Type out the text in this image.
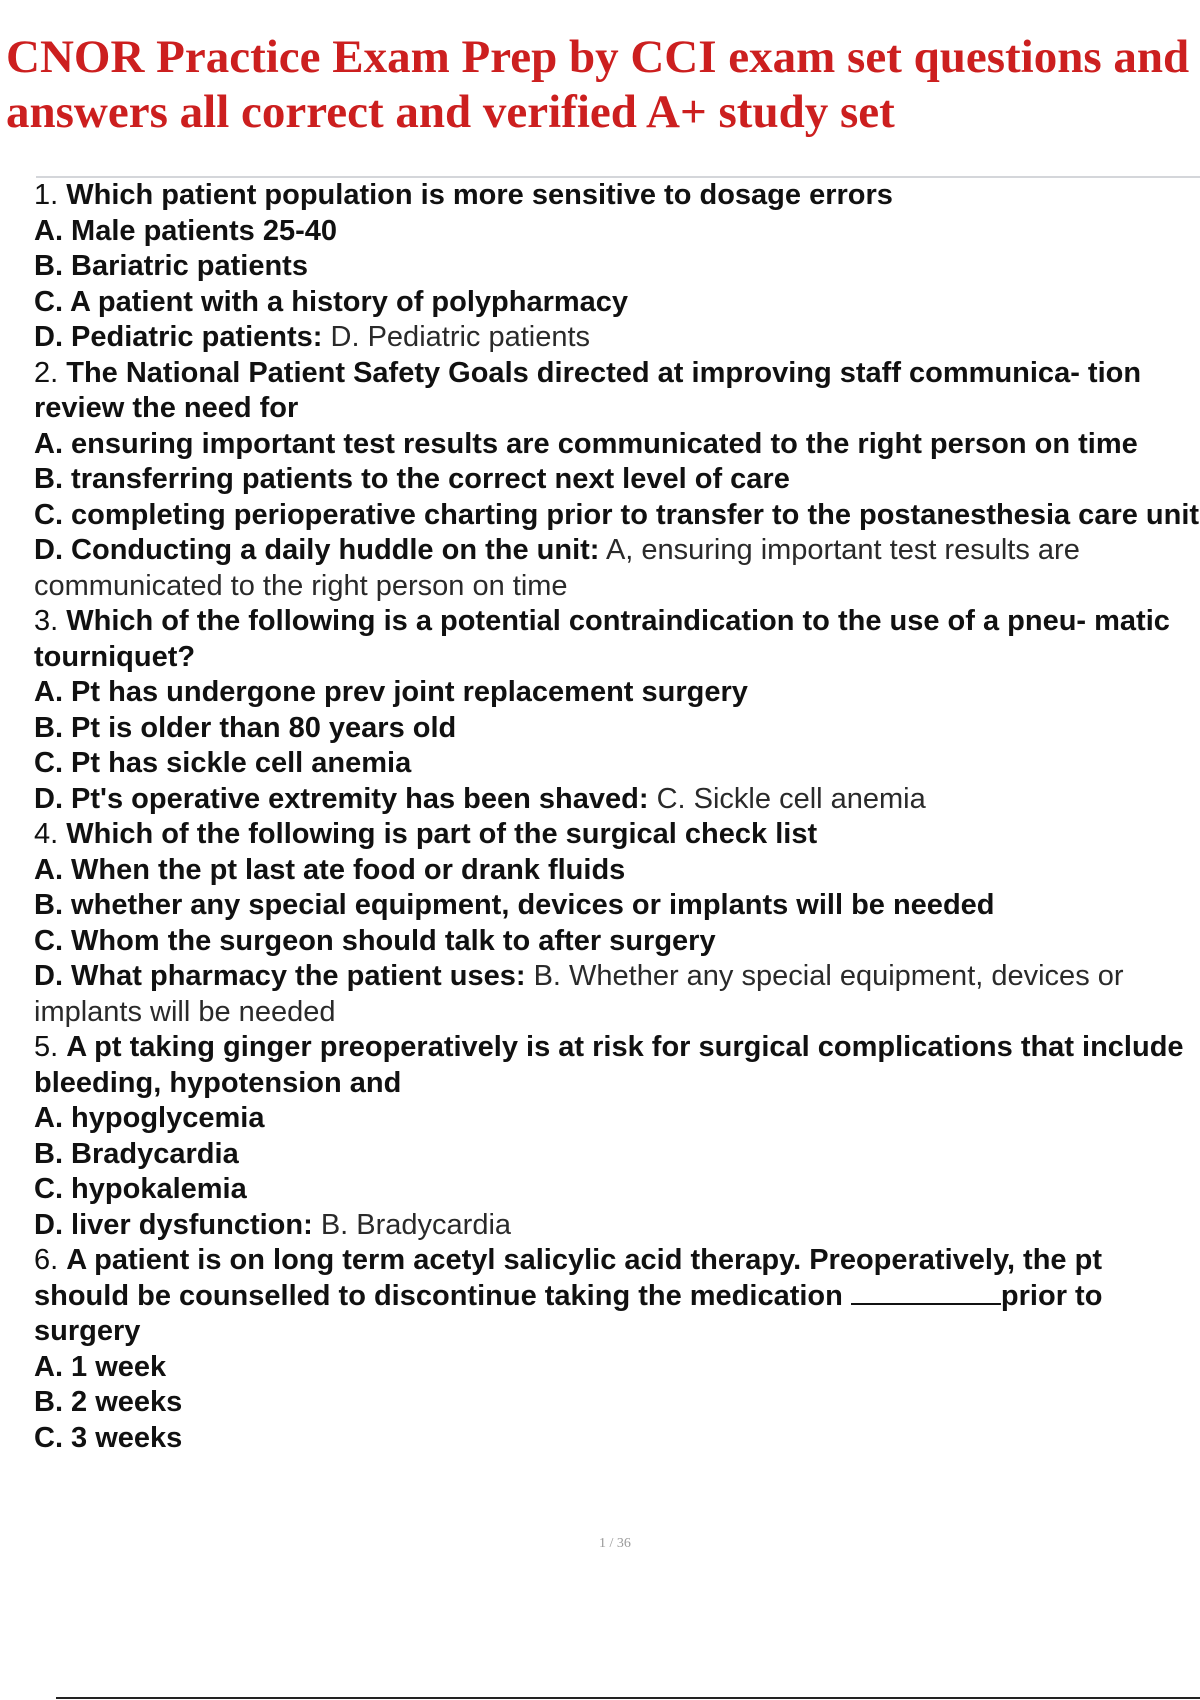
CNOR Practice Exam Prep by CCI exam set questions and
answers all correct and verified A+ study set
1. Which patient population is more sensitive to dosage errors
A. Male patients 25-40
B. Bariatric patients
C. A patient with a history of polypharmacy
D. Pediatric patients: D. Pediatric patients
2. The National Patient Safety Goals directed at improving staff communica- tion review the need for
A. ensuring important test results are communicated to the right person on time
B. transferring patients to the correct next level of care
C. completing perioperative charting prior to transfer to the postanesthesia care unit
D. Conducting a daily huddle on the unit: A, ensuring important test results are communicated to the right person on time
3. Which of the following is a potential contraindication to the use of a pneu- matic tourniquet?
A. Pt has undergone prev joint replacement surgery
B. Pt is older than 80 years old
C. Pt has sickle cell anemia
D. Pt's operative extremity has been shaved: C. Sickle cell anemia
4. Which of the following is part of the surgical check list
A. When the pt last ate food or drank fluids
B. whether any special equipment, devices or implants will be needed
C. Whom the surgeon should talk to after surgery
D. What pharmacy the patient uses: B. Whether any special equipment, devices or implants will be needed
5. A pt taking ginger preoperatively is at risk for surgical complications that include bleeding, hypotension and
A. hypoglycemia
B. Bradycardia
C. hypokalemia
D. liver dysfunction: B. Bradycardia
6. A patient is on long term acetyl salicylic acid therapy. Preoperatively, the pt
should be counselled to discontinue taking the medication	prior to
surgery
A. 1 week
B. 2 weeks
C. 3 weeks
1 / 36
